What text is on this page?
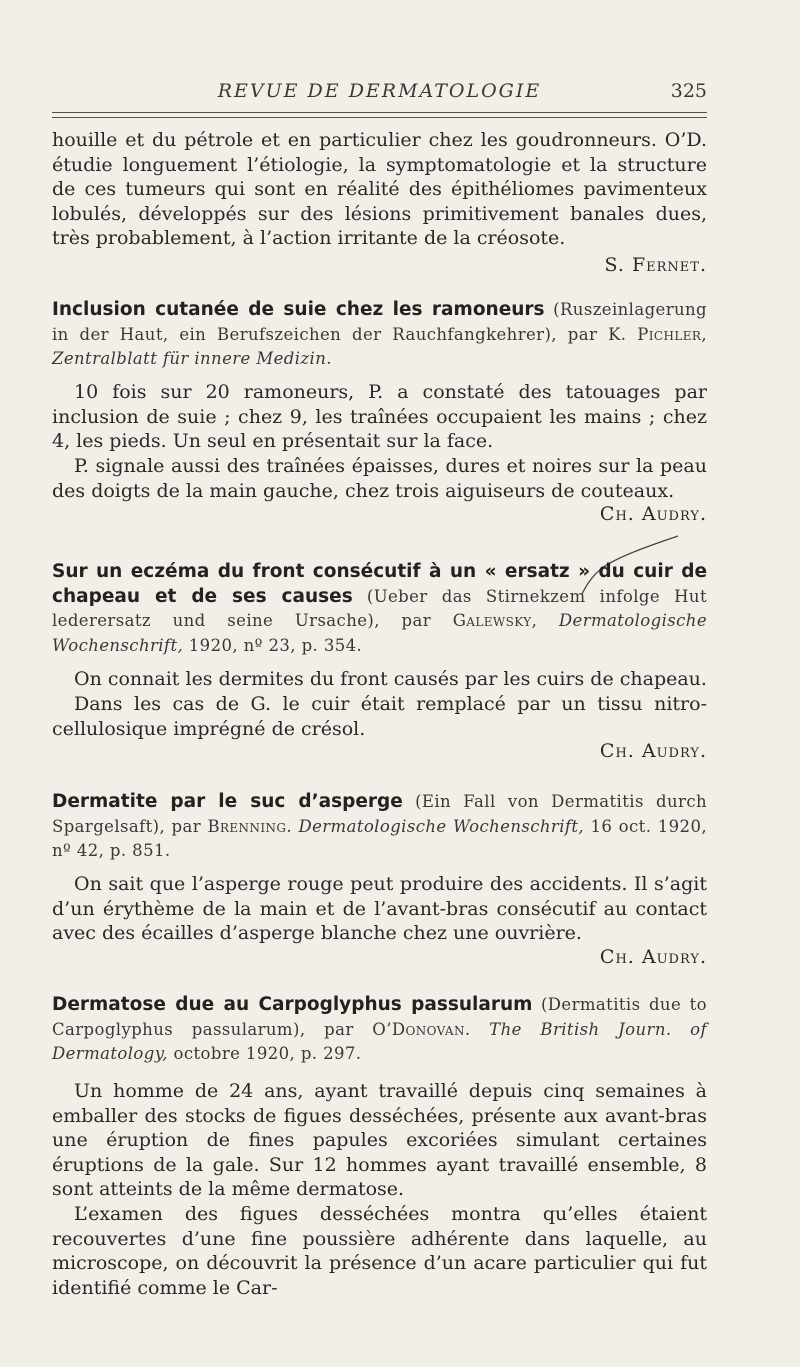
REVUE DE DERMATOLOGIE	325

houille et du pétrole et en particulier chez les goudronneurs. O’D. étudie longuement l’étiologie, la symptomatologie et la structure de ces tumeurs qui sont en réalité des épithéliomes pavimenteux lobulés, développés sur des lésions primitivement banales dues, très probablement, à l’action irritante de la créosote.

S. Fernet.

Inclusion cutanée de suie chez les ramoneurs (Ruszeinlagerung in der Haut, ein Berufszeichen der Rauchfangkehrer), par K. Pichler, Zentralblatt für innere Medizin.

10 fois sur 20 ramoneurs, P. a constaté des tatouages par inclusion de suie ; chez 9, les traînées occupaient les mains ; chez 4, les pieds. Un seul en présentait sur la face.

P. signale aussi des traînées épaisses, dures et noires sur la peau des doigts de la main gauche, chez trois aiguiseurs de couteaux.

Ch. Audry.

Sur un eczéma du front consécutif à un « ersatz » du cuir de chapeau et de ses causes (Ueber das Stirnekzem infolge Hut lederersatz und seine Ursache), par Galewsky, Dermatologische Wochenschrift, 1920, nº 23, p. 354.

On connait les dermites du front causés par les cuirs de chapeau.

Dans les cas de G. le cuir était remplacé par un tissu nitro-cellulosique imprégné de crésol.

Ch. Audry.

Dermatite par le suc d’asperge (Ein Fall von Dermatitis durch Spargelsaft), par Brenning. Dermatologische Wochenschrift, 16 oct. 1920, nº 42, p. 851.

On sait que l’asperge rouge peut produire des accidents. Il s’agit d’un érythème de la main et de l’avant-bras consécutif au contact avec des écailles d’asperge blanche chez une ouvrière.

Ch. Audry.

Dermatose due au Carpoglyphus passularum (Dermatitis due to Carpoglyphus passularum), par O’Donovan. The British Journ. of Dermatology, octobre 1920, p. 297.

Un homme de 24 ans, ayant travaillé depuis cinq semaines à emballer des stocks de figues desséchées, présente aux avant-bras une éruption de fines papules excoriées simulant certaines éruptions de la gale. Sur 12 hommes ayant travaillé ensemble, 8 sont atteints de la même dermatose.

L’examen des figues desséchées montra qu’elles étaient recouvertes d’une fine poussière adhérente dans laquelle, au microscope, on découvrit la présence d’un acare particulier qui fut identifié comme le Car-
